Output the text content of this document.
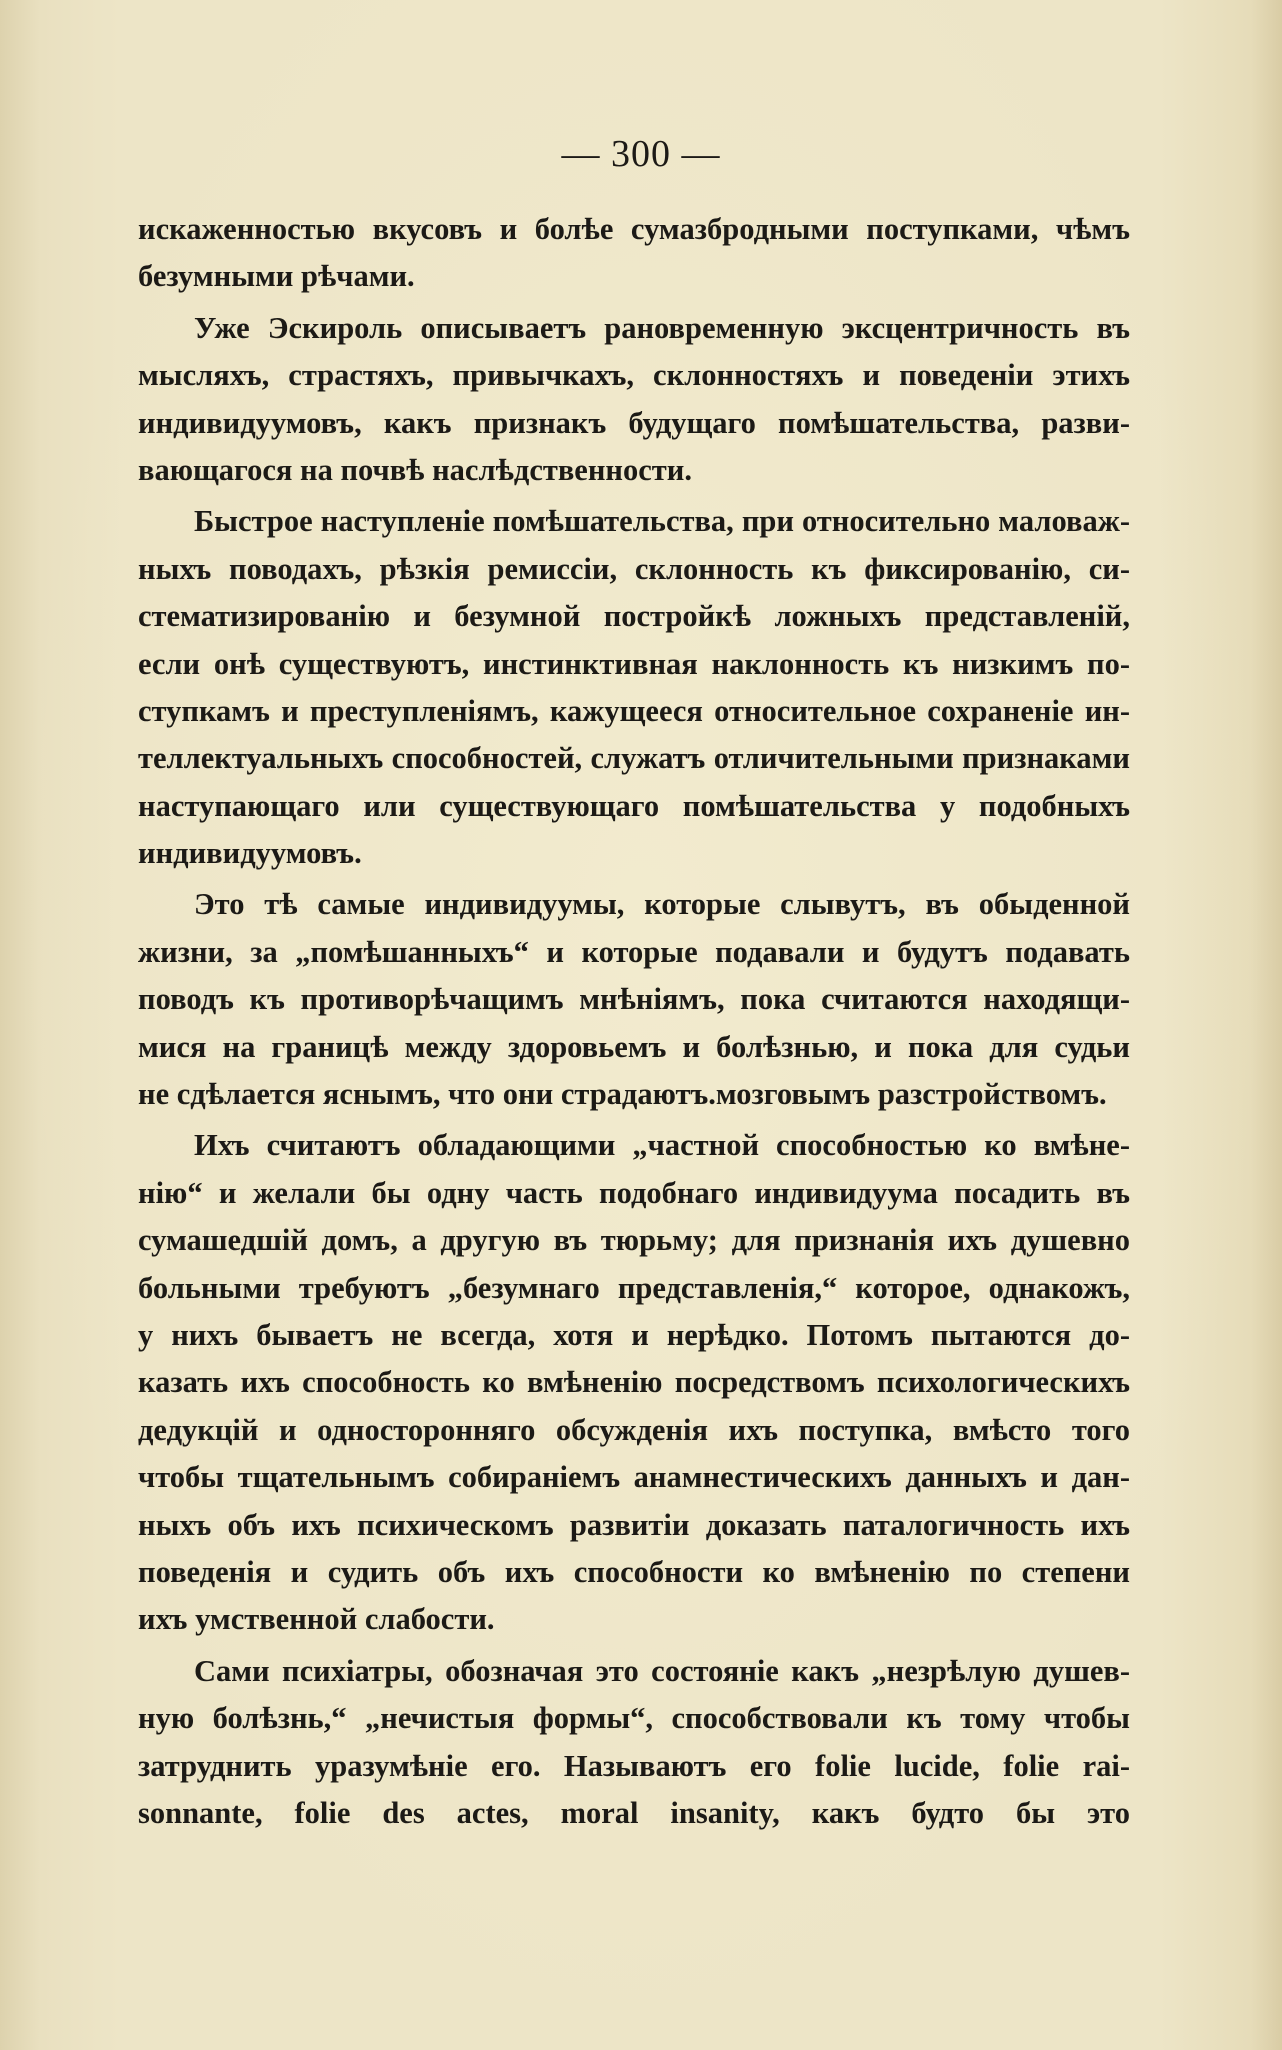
— 300 —
искаженностью вкусовъ и болѣе сумазбродными поступками, чѣмъ
безумными рѣчами.
Уже Эскироль описываетъ рановременную эксцентричность въ
мысляхъ, страстяхъ, привычкахъ, склонностяхъ и поведенiи этихъ
индивидуумовъ, какъ признакъ будущаго помѣшательства, разви-
вающагося на почвѣ наслѣдственности.
Быстрое наступленіе помѣшательства, при относительно маловаж-
ныхъ поводахъ, рѣзкiя ремиссiи, склонность къ фиксированiю, си-
стематизированiю и безумной постройкѣ ложныхъ представленiй,
если онѣ существуютъ, инстинктивная наклонность къ низкимъ по-
ступкамъ и преступленiямъ, кажущееся относительное сохраненiе ин-
теллектуальныхъ способностей, служатъ отличительными признаками
наступающаго или существующаго помѣшательства у подобныхъ
индивидуумовъ.
Это тѣ самые индивидуумы, которые слывутъ, въ обыденной
жизни, за „помѣшанныхъ“ и которые подавали и будутъ подавать
поводъ къ противорѣчащимъ мнѣнiямъ, пока считаются находящи-
мися на границѣ между здоровьемъ и болѣзнью, и пока для судьи
не сдѣлается яснымъ, что они страдаютъ.мозговымъ разстройствомъ.
Ихъ считаютъ обладающими „частной способностью ко вмѣне-
нiю“ и желали бы одну часть подобнаго индивидуума посадить въ
сумашедшiй домъ, а другую въ тюрьму; для признанiя ихъ душевно
больными требуютъ „безумнаго представленiя,“ которое, однакожъ,
у нихъ бываетъ не всегда, хотя и нерѣдко. Потомъ пытаются до-
казать ихъ способность ко вмѣненiю посредствомъ психологическихъ
дедукцiй и односторонняго обсужденiя ихъ поступка, вмѣсто того
чтобы тщательнымъ собиранiемъ анамнестическихъ данныхъ и дан-
ныхъ объ ихъ психическомъ развитiи доказать паталогичность ихъ
поведенiя и судить объ ихъ способности ко вмѣненiю по степени
ихъ умственной слабости.
Сами психiатры, обозначая это состоянiе какъ „незрѣлую душев-
ную болѣзнь,“ „нечистыя формы“, способствовали къ тому чтобы
затруднить уразумѣнiе его. Называютъ его folie lucide, folie rai-
sonnante, folie des actes, moral insanity, какъ будто бы это
